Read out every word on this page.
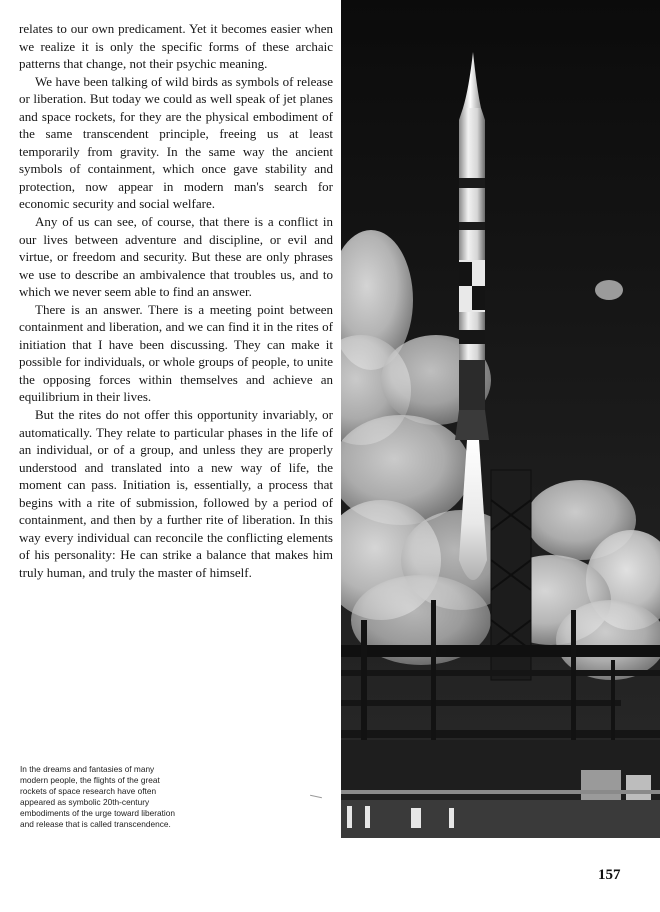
relates to our own predicament. Yet it becomes easier when we realize it is only the specific forms of these archaic patterns that change, not their psychic meaning.

We have been talking of wild birds as symbols of release or liberation. But today we could as well speak of jet planes and space rockets, for they are the physical embodiment of the same transcendent principle, freeing us at least temporarily from gravity. In the same way the ancient symbols of containment, which once gave stability and protection, now appear in modern man's search for economic security and social welfare.

Any of us can see, of course, that there is a conflict in our lives between adventure and discipline, or evil and virtue, or freedom and security. But these are only phrases we use to describe an ambivalence that troubles us, and to which we never seem able to find an answer.

There is an answer. There is a meeting point between containment and liberation, and we can find it in the rites of initiation that I have been discussing. They can make it possible for individuals, or whole groups of people, to unite the opposing forces within themselves and achieve an equilibrium in their lives.

But the rites do not offer this opportunity invariably, or automatically. They relate to particular phases in the life of an individual, or of a group, and unless they are properly understood and translated into a new way of life, the moment can pass. Initiation is, essentially, a process that begins with a rite of submission, followed by a period of containment, and then by a further rite of liberation. In this way every individual can reconcile the conflicting elements of his personality: He can strike a balance that makes him truly human, and truly the master of himself.

In the dreams and fantasies of many modern people, the flights of the great rockets of space research have often appeared as symbolic 20th-century embodiments of the urge toward liberation and release that is called transcendence.
157
